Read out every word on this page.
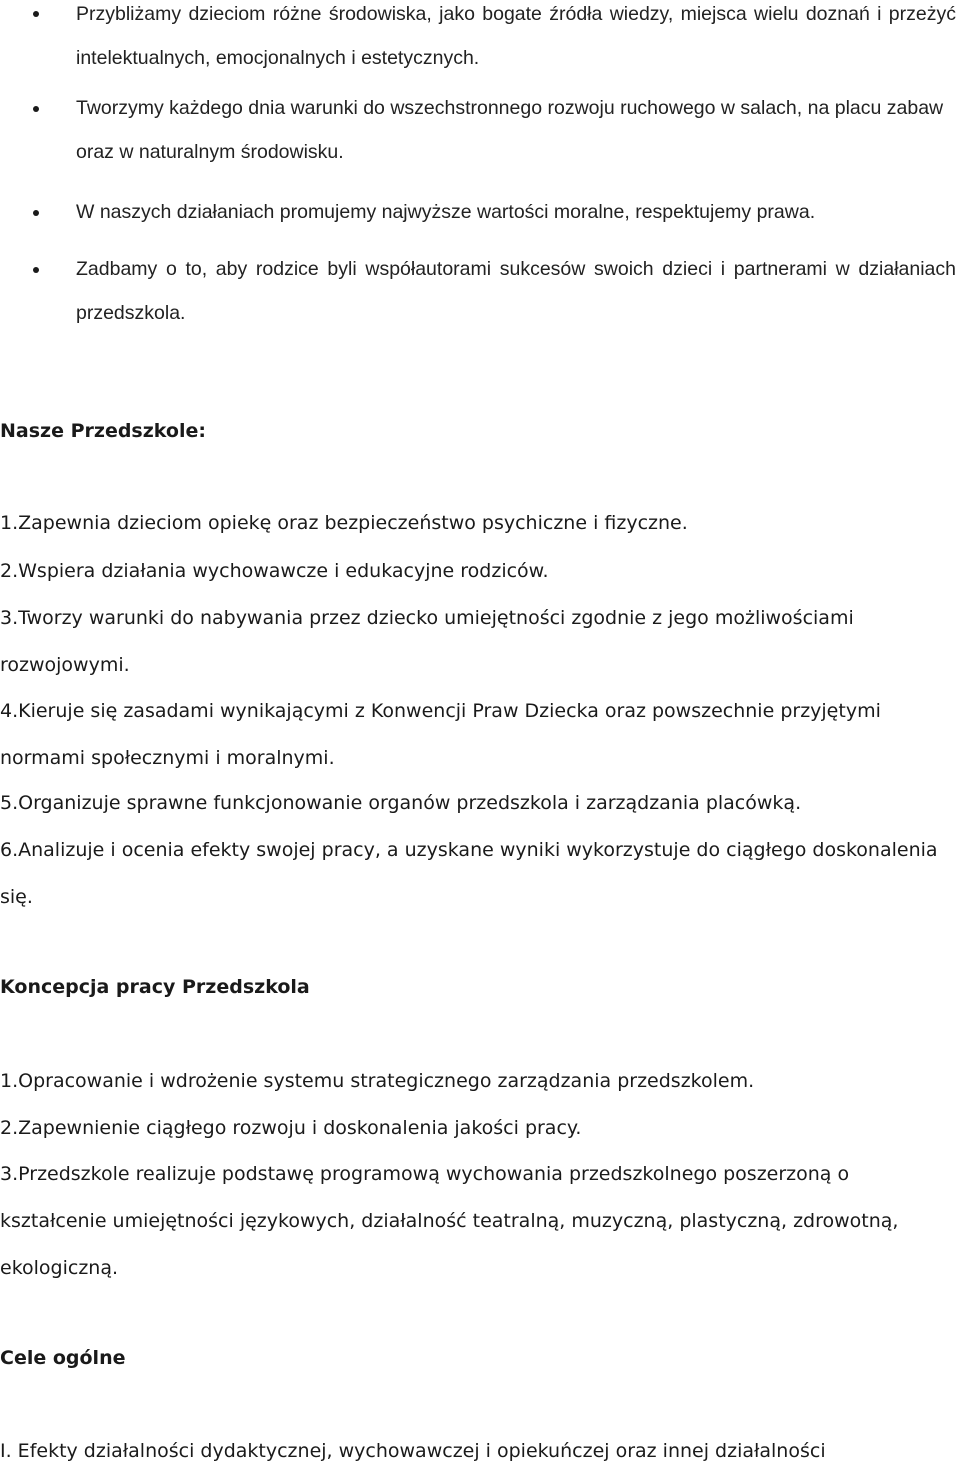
Przybliżamy dzieciom różne środowiska, jako bogate źródła wiedzy, miejsca wielu doznań i przeżyć intelektualnych, emocjonalnych i estetycznych.
Tworzymy każdego dnia warunki do wszechstronnego rozwoju ruchowego w salach, na placu zabaw oraz w naturalnym środowisku.
W naszych działaniach promujemy najwyższe wartości moralne, respektujemy prawa.
Zadbamy o to, aby rodzice byli współautorami sukcesów swoich dzieci i partnerami w działaniach przedszkola.
Nasze Przedszkole:
1.Zapewnia dzieciom opiekę oraz bezpieczeństwo psychiczne i fizyczne.
2.Wspiera działania wychowawcze i edukacyjne rodziców.
3.Tworzy warunki do nabywania przez dziecko umiejętności zgodnie z jego możliwościami rozwojowymi.
4.Kieruje się zasadami wynikającymi z Konwencji Praw Dziecka oraz powszechnie przyjętymi normami społecznymi i moralnymi.
5.Organizuje sprawne funkcjonowanie organów przedszkola i zarządzania placówką.
6.Analizuje i ocenia efekty swojej pracy, a uzyskane wyniki wykorzystuje do ciągłego doskonalenia się.
Koncepcja pracy Przedszkola
1.Opracowanie i wdrożenie systemu strategicznego zarządzania przedszkolem.
2.Zapewnienie ciągłego rozwoju i doskonalenia jakości pracy.
3.Przedszkole realizuje podstawę programową wychowania przedszkolnego poszerzoną o kształcenie umiejętności językowych, działalność teatralną, muzyczną, plastyczną, zdrowotną, ekologiczną.
Cele ogólne
I. Efekty działalności dydaktycznej, wychowawczej i opiekuńczej oraz innej działalności
